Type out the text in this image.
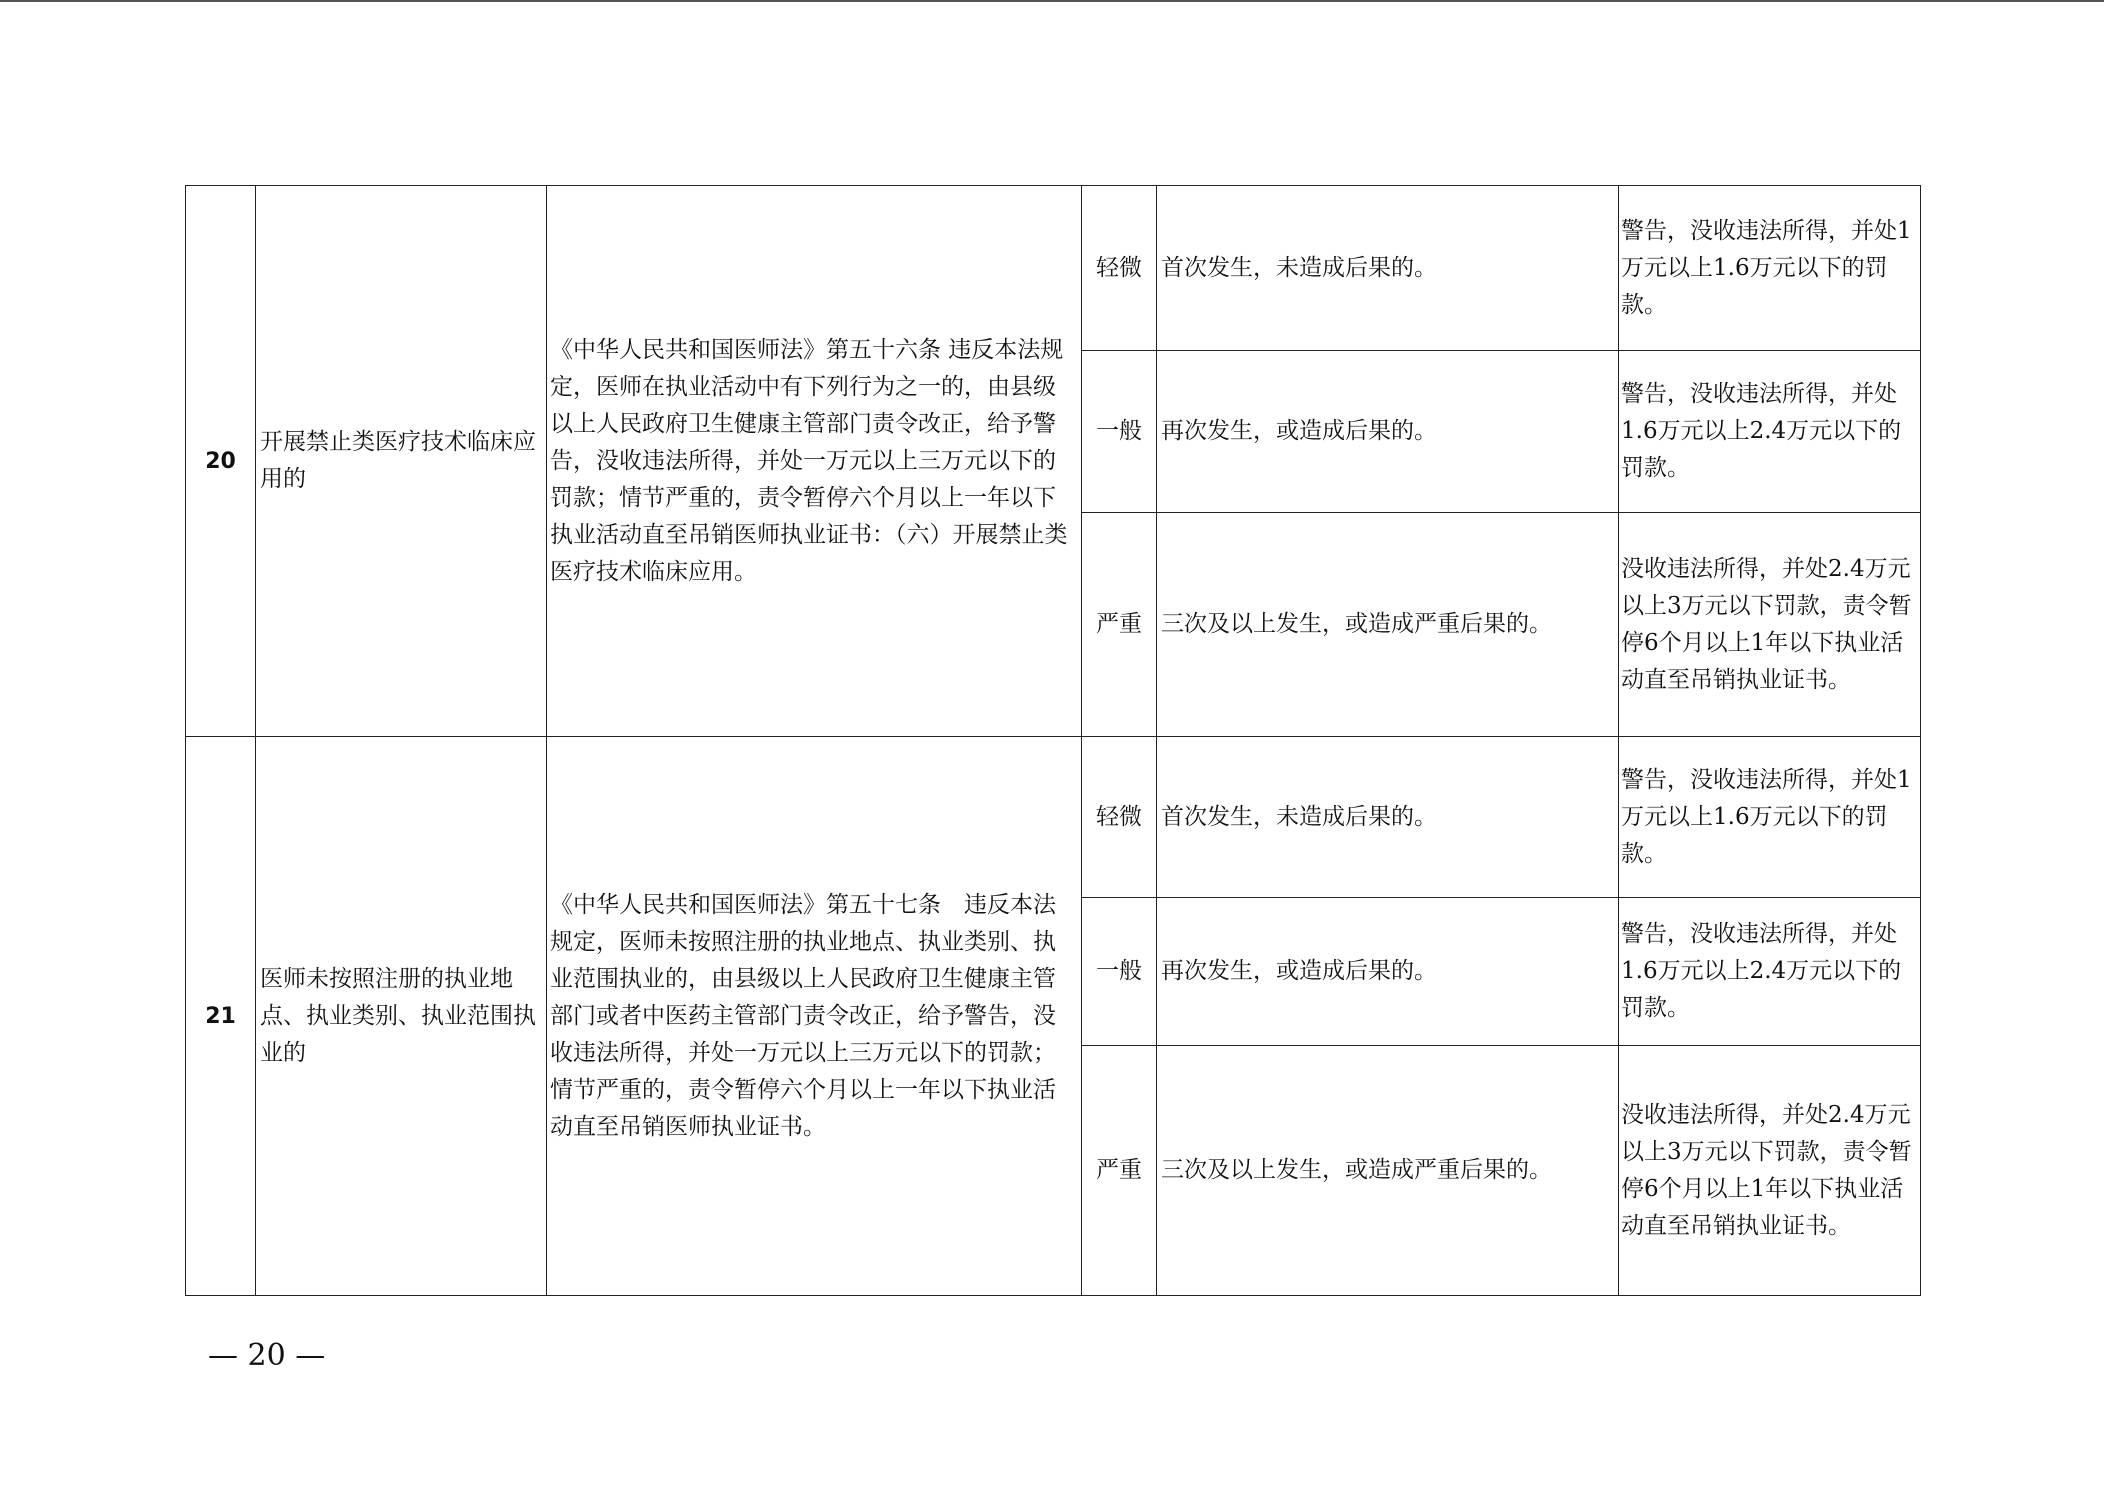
20	开展禁止类医疗技术临床应用的	《中华人民共和国医师法》第五十六条 违反本法规定，医师在执业活动中有下列行为之一的，由县级以上人民政府卫生健康主管部门责令改正，给予警告，没收违法所得，并处一万元以上三万元以下的罚款；情节严重的，责令暂停六个月以上一年以下执业活动直至吊销医师执业证书：（六）开展禁止类医疗技术临床应用。	轻微	首次发生，未造成后果的。	警告，没收违法所得，并处1万元以上1.6万元以下的罚款。
			一般	再次发生，或造成后果的。	警告，没收违法所得，并处1.6万元以上2.4万元以下的罚款。
			严重	三次及以上发生，或造成严重后果的。	没收违法所得，并处2.4万元以上3万元以下罚款，责令暂停6个月以上1年以下执业活动直至吊销执业证书。
21	医师未按照注册的执业地点、执业类别、执业范围执业的	《中华人民共和国医师法》第五十七条　违反本法规定，医师未按照注册的执业地点、执业类别、执业范围执业的，由县级以上人民政府卫生健康主管部门或者中医药主管部门责令改正，给予警告，没收违法所得，并处一万元以上三万元以下的罚款；情节严重的，责令暂停六个月以上一年以下执业活动直至吊销医师执业证书。	轻微	首次发生，未造成后果的。	警告，没收违法所得，并处1万元以上1.6万元以下的罚款。
			一般	再次发生，或造成后果的。	警告，没收违法所得，并处1.6万元以上2.4万元以下的罚款。
			严重	三次及以上发生，或造成严重后果的。	没收违法所得，并处2.4万元以上3万元以下罚款，责令暂停6个月以上1年以下执业活动直至吊销执业证书。
— 20 —
